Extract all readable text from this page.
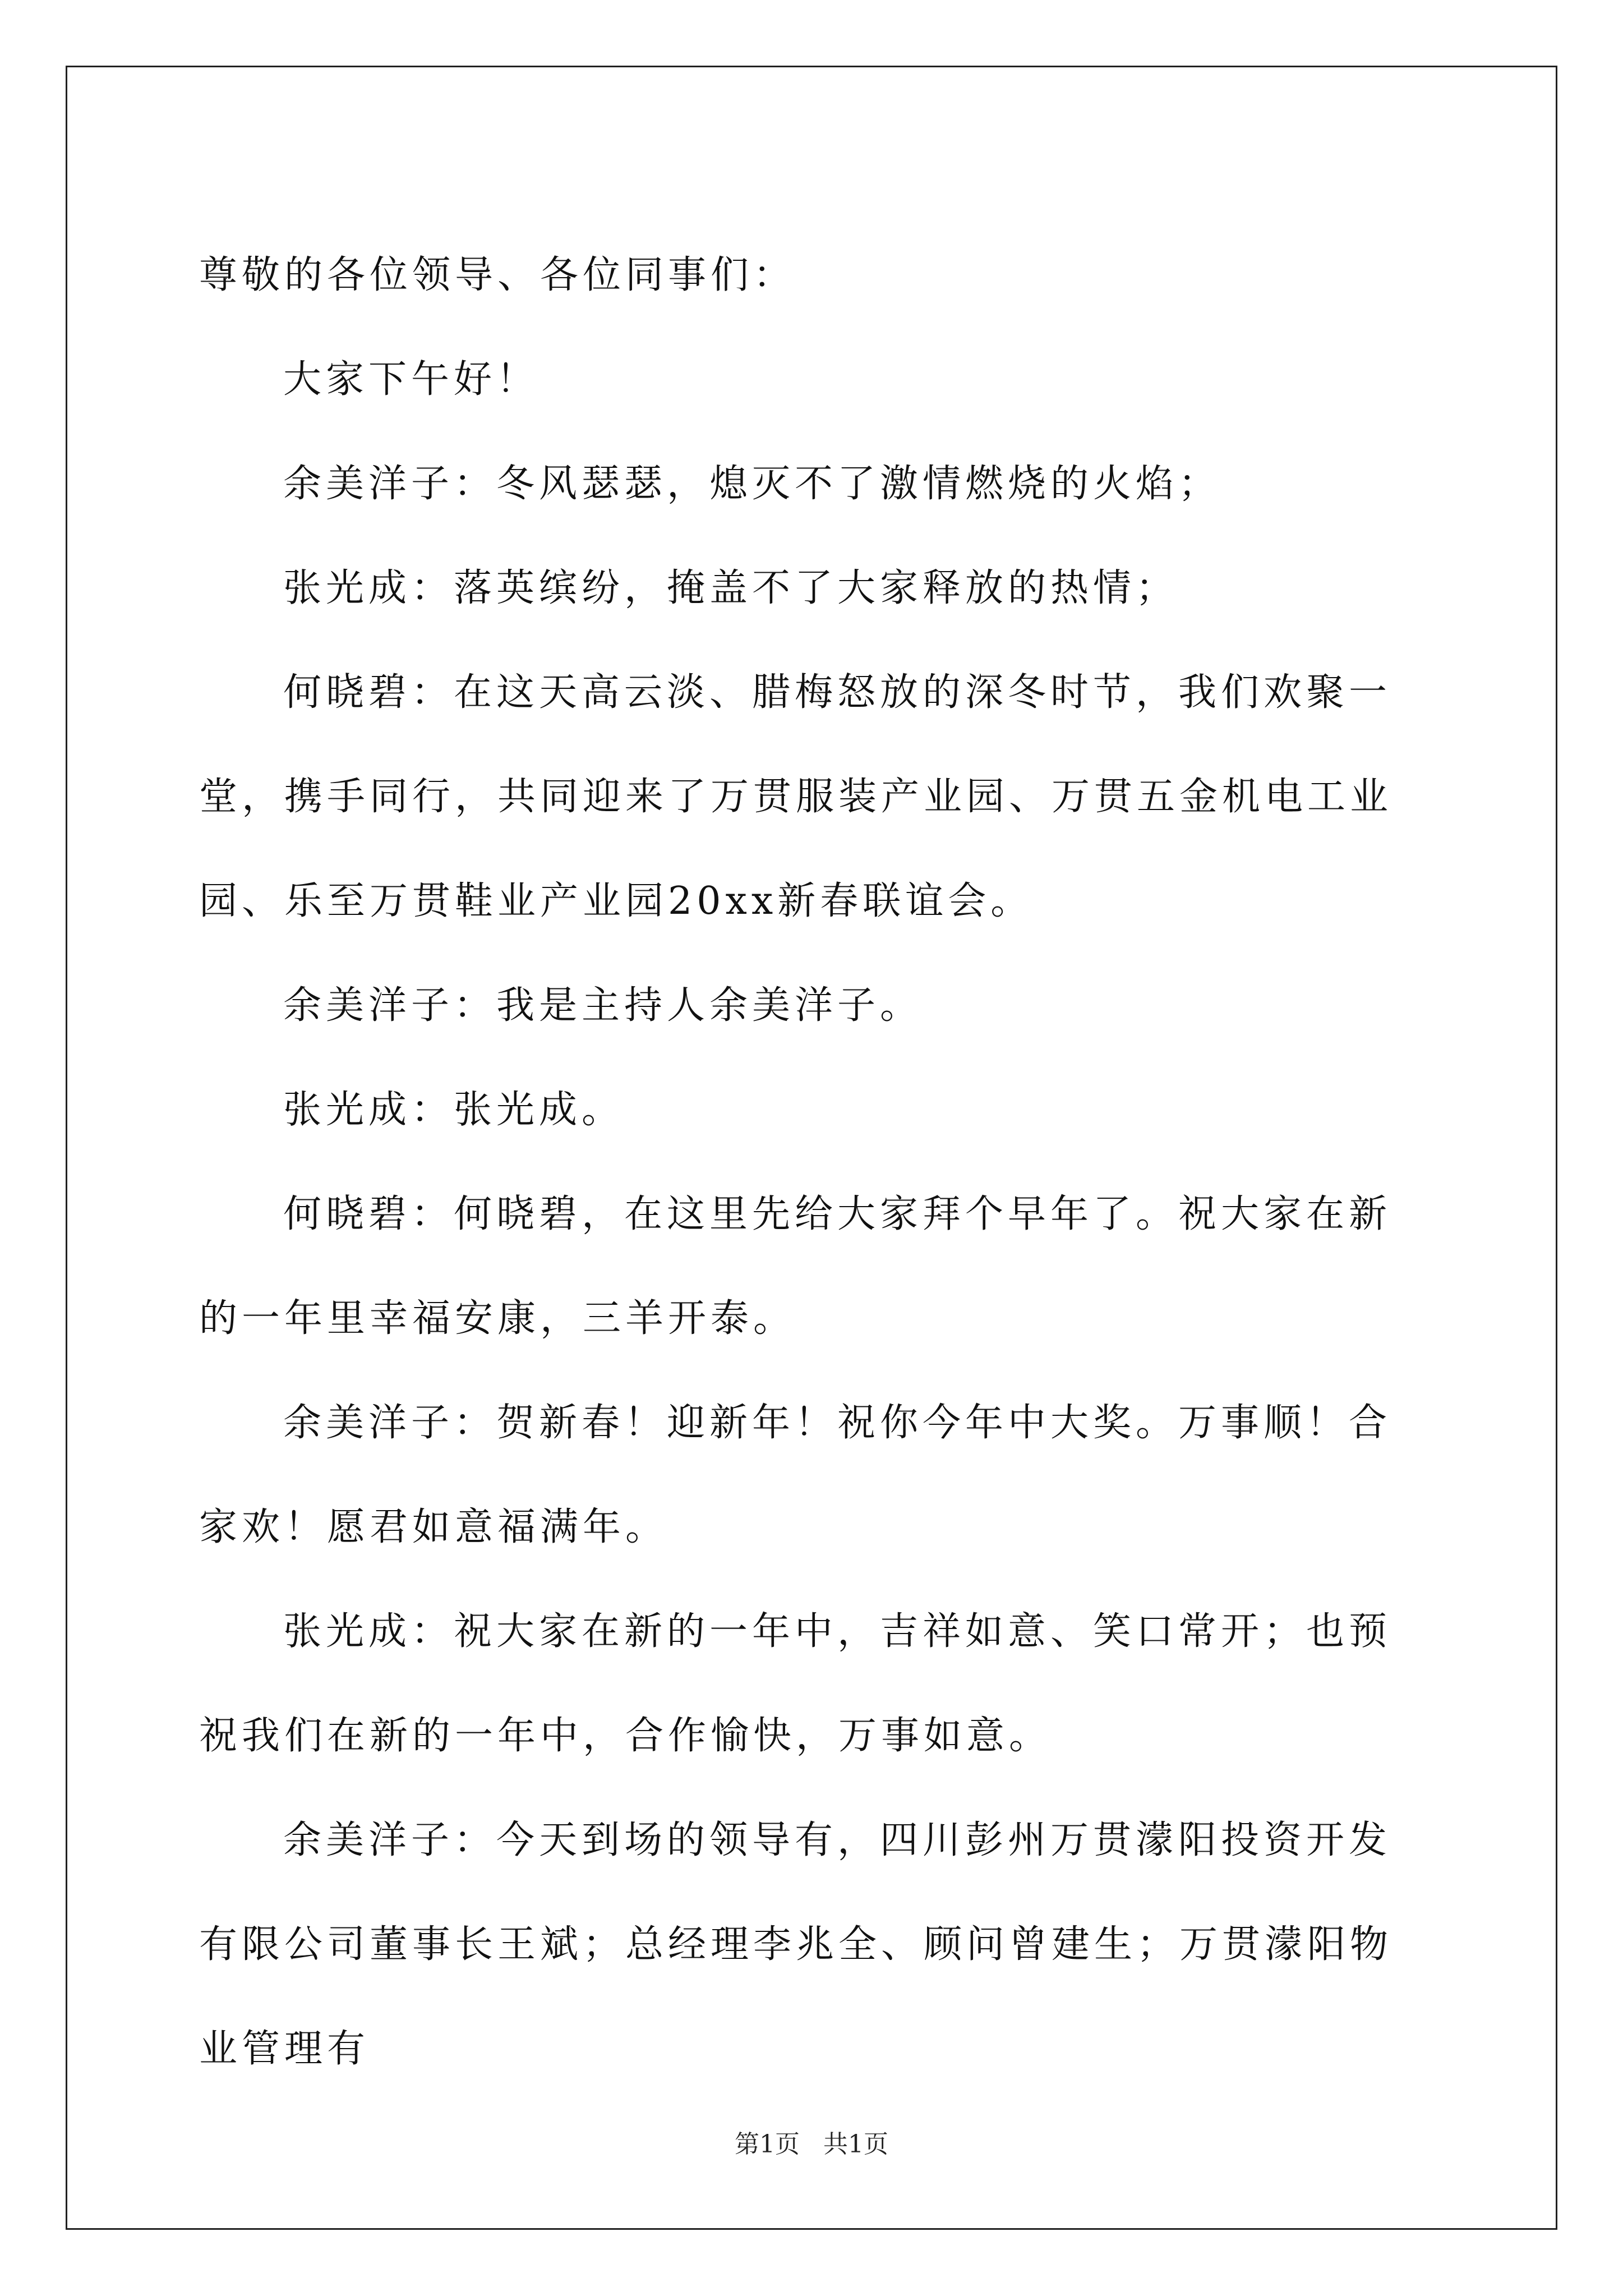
尊敬的各位领导、各位同事们：

大家下午好！

余美洋子：冬风瑟瑟，熄灭不了激情燃烧的火焰；

张光成：落英缤纷，掩盖不了大家释放的热情；

何晓碧：在这天高云淡、腊梅怒放的深冬时节，我们欢聚一堂，携手同行，共同迎来了万贯服装产业园、万贯五金机电工业园、乐至万贯鞋业产业园20xx新春联谊会。

余美洋子：我是主持人余美洋子。

张光成：张光成。

何晓碧：何晓碧，在这里先给大家拜个早年了。祝大家在新的一年里幸福安康，三羊开泰。

余美洋子：贺新春！迎新年！祝你今年中大奖。万事顺！合家欢！愿君如意福满年。

张光成：祝大家在新的一年中，吉祥如意、笑口常开；也预祝我们在新的一年中，合作愉快，万事如意。

余美洋子：今天到场的领导有，四川彭州万贯濛阳投资开发有限公司董事长王斌；总经理李兆全、顾问曾建生；万贯濛阳物业管理有

第1页 共1页
